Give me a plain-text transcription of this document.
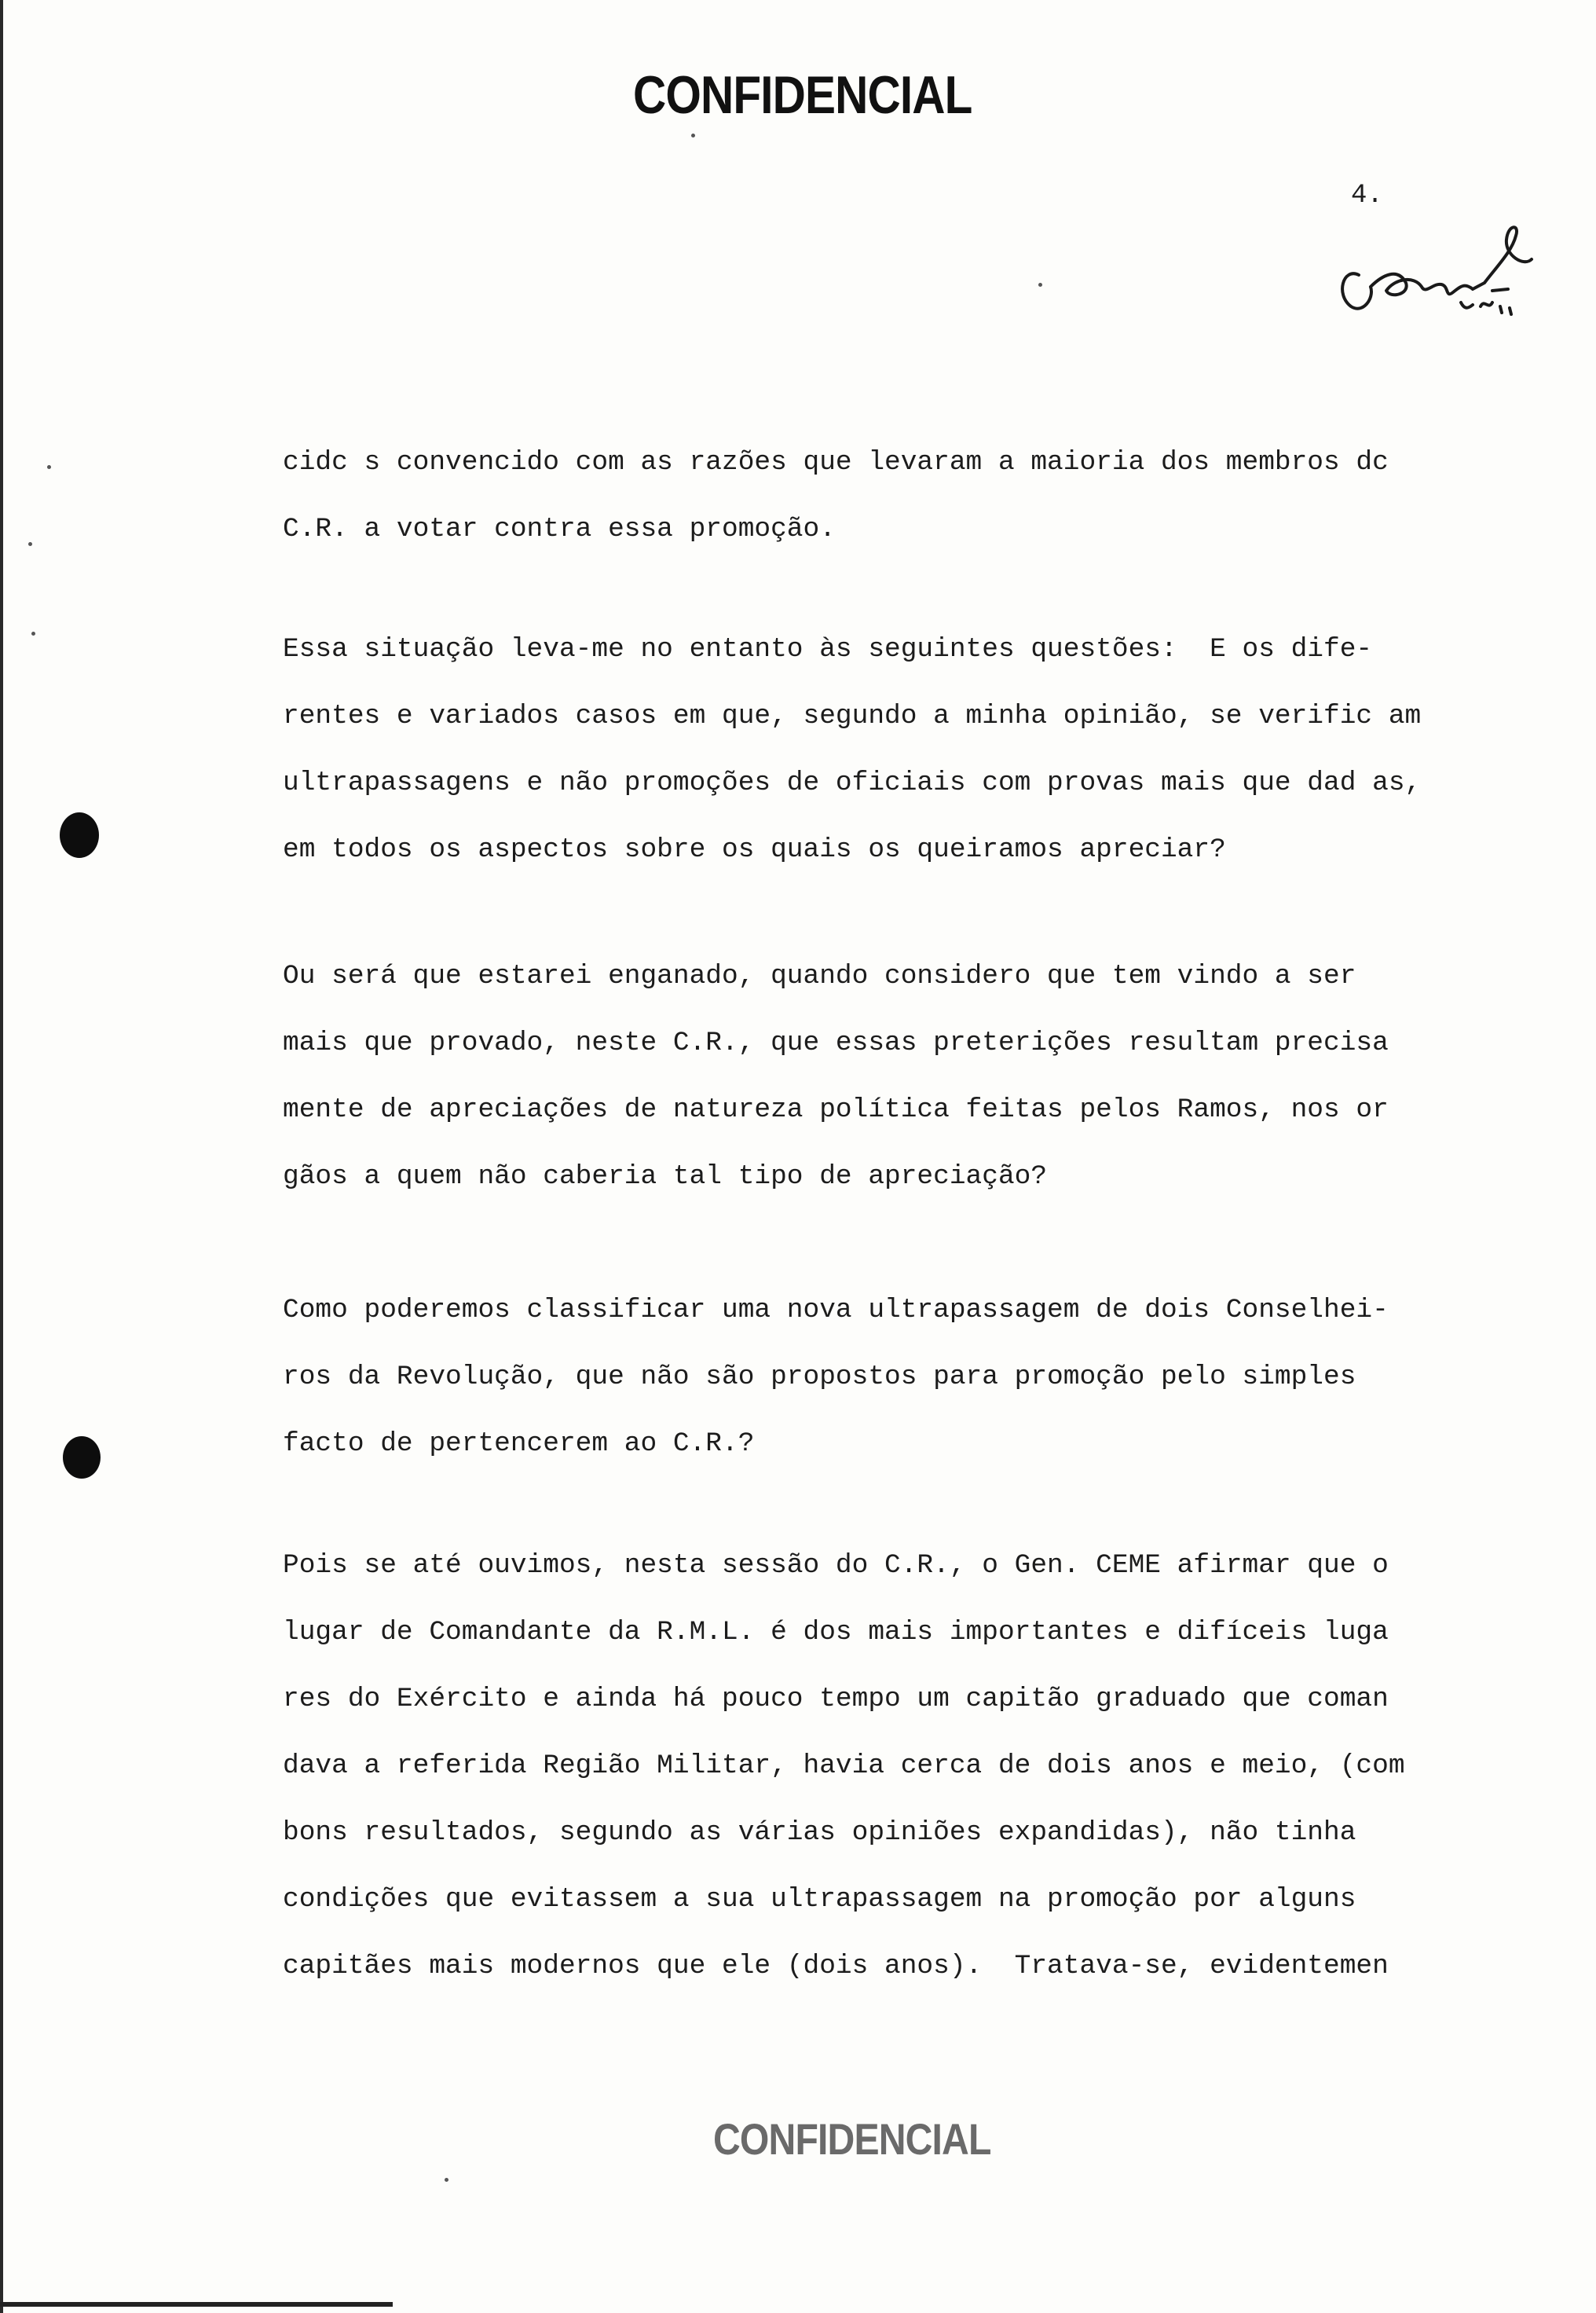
CONFIDENCIAL
4.
cidc s convencido com as razões que levaram a maioria dos membros dc
C.R. a votar contra essa promoção.
Essa situação leva-me no entanto às seguintes questões:  E os dife-
rentes e variados casos em que, segundo a minha opinião, se verific am
ultrapassagens e não promoções de oficiais com provas mais que dad as,
em todos os aspectos sobre os quais os queiramos apreciar?
Ou será que estarei enganado, quando considero que tem vindo a ser
mais que provado, neste C.R., que essas preterições resultam precisa
mente de apreciações de natureza política feitas pelos Ramos, nos or
gãos a quem não caberia tal tipo de apreciação?
Como poderemos classificar uma nova ultrapassagem de dois Conselhei-
ros da Revolução, que não são propostos para promoção pelo simples
facto de pertencerem ao C.R.?
Pois se até ouvimos, nesta sessão do C.R., o Gen. CEME afirmar que o
lugar de Comandante da R.M.L. é dos mais importantes e difíceis luga
res do Exército e ainda há pouco tempo um capitão graduado que coman
dava a referida Região Militar, havia cerca de dois anos e meio, (com
bons resultados, segundo as várias opiniões expandidas), não tinha
condições que evitassem a sua ultrapassagem na promoção por alguns
capitães mais modernos que ele (dois anos).  Tratava-se, evidentemen
CONFIDENCIAL
